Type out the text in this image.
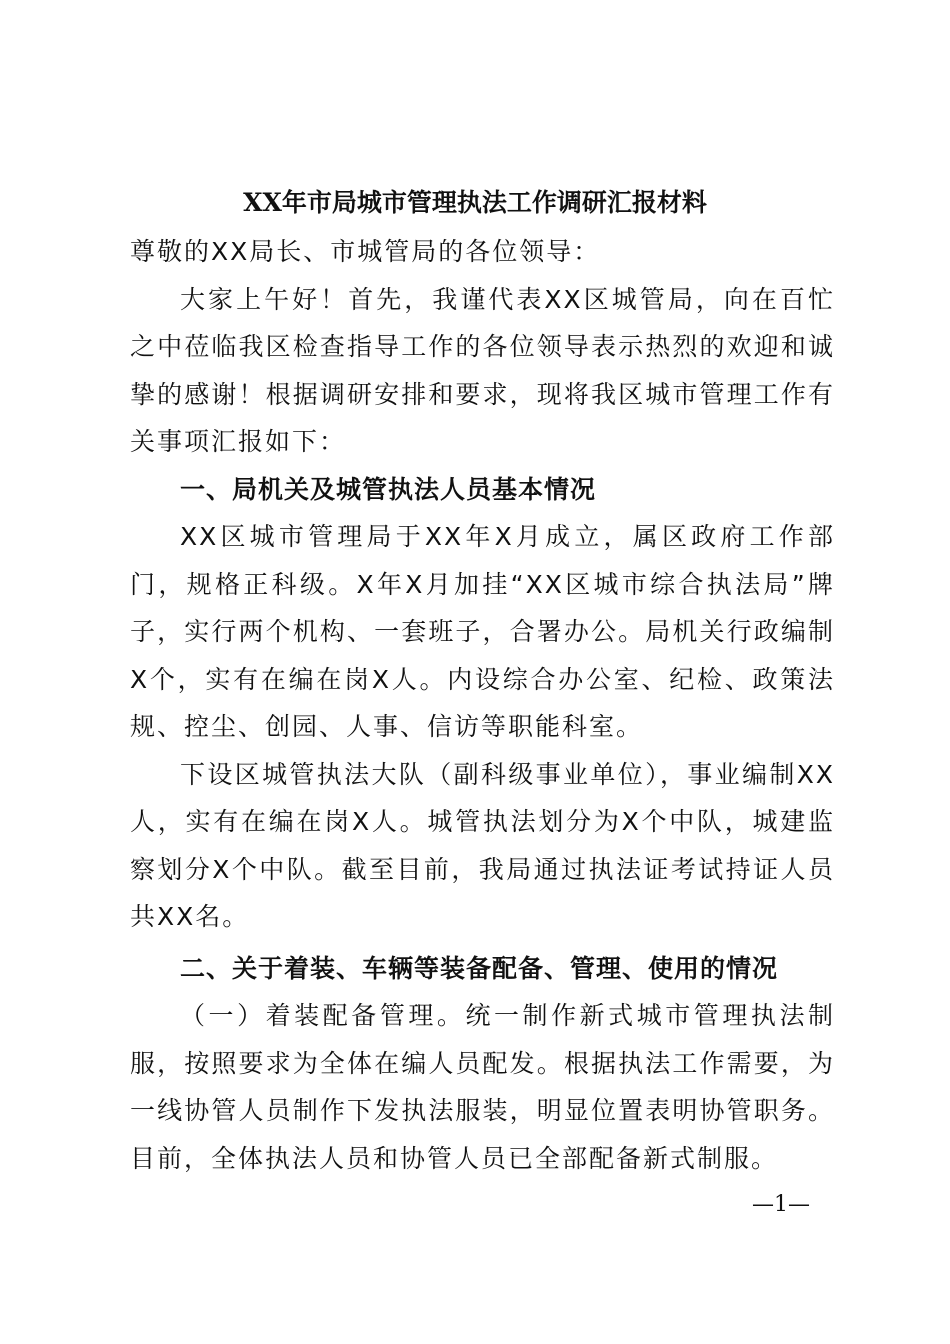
XX年市局城市管理执法工作调研汇报材料

尊敬的XX局长、市城管局的各位领导：

大家上午好！首先，我谨代表XX区城管局，向在百忙之中莅临我区检查指导工作的各位领导表示热烈的欢迎和诚挚的感谢！根据调研安排和要求，现将我区城市管理工作有关事项汇报如下：

一、局机关及城管执法人员基本情况

XX区城市管理局于XX年X月成立，属区政府工作部门，规格正科级。X年X月加挂“XX区城市综合执法局”牌子，实行两个机构、一套班子，合署办公。局机关行政编制X个，实有在编在岗X人。内设综合办公室、纪检、政策法规、控尘、创园、人事、信访等职能科室。

下设区城管执法大队（副科级事业单位），事业编制XX人，实有在编在岗X人。城管执法划分为X个中队，城建监察划分X个中队。截至目前，我局通过执法证考试持证人员共XX名。

二、关于着装、车辆等装备配备、管理、使用的情况

（一）着装配备管理。统一制作新式城市管理执法制服，按照要求为全体在编人员配发。根据执法工作需要，为一线协管人员制作下发执法服装，明显位置表明协管职务。目前，全体执法人员和协管人员已全部配备新式制服。

—1—
